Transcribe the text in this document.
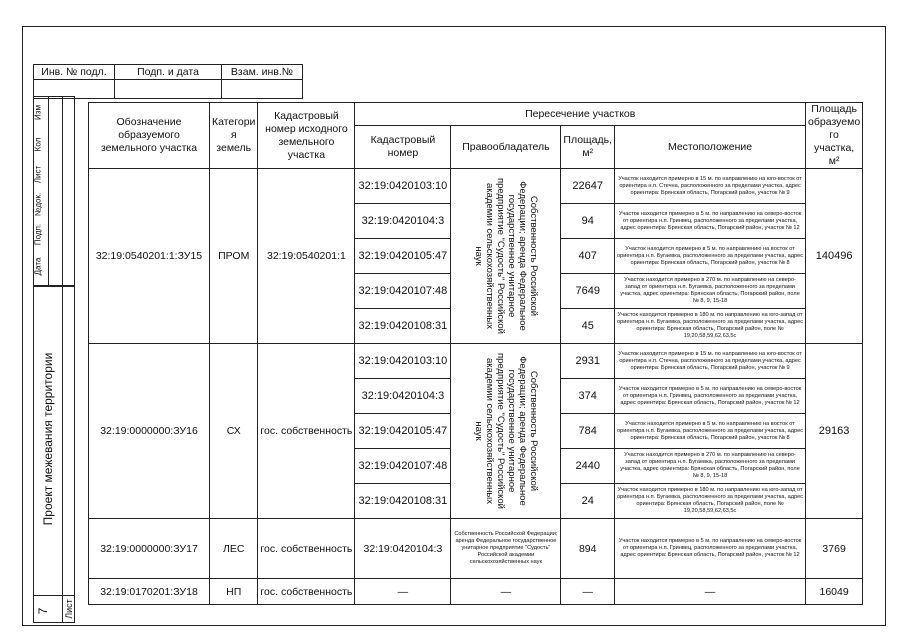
Инв. № подл.	Подп. и дата	Взам. инв.№

Изм
Кол
Лист
№док.
Подп.
Дата
Проект межевания территории
7 Лист
Обозначение образуемого земельного участка	Категори я земель	Кадастровый номер исходного земельного участка	Пересечение участков				Площадь образуемо го участка, м²
			Кадастровый номер	Правообладатель	Площадь, м²	Местоположение	
32:19:0540201:1:ЗУ15	ПРОМ	32:19:0540201:1	32:19:0420103:10	Собственность Российской Федерации; аренда Федеральное государственное унитарное предприятие "Судость" Российской академии сельскохозяйственных наук	22647	Участок находится примерно в 15 м. по направлению на юго-восток от ориентира н.п. Стечна, расположенного за пределами участка, адрес ориентира: Брянская область, Погарский район, участок № 9	140496
			32:19:0420104:3		94	Участок находится примерно в 5 м. по направлению на северо-восток от ориентира н.п. Гринвец, расположенного за пределами участка, адрес ориентира: Брянская область, Погарский район, участок № 12	
			32:19:0420105:47		407	Участок находится примерно в 5 м. по направлению на восток от ориентира н.п. Бугаевка, расположенного за пределами участка, адрес ориентира: Брянская область, Погарский район, участок № 8	
			32:19:0420107:48		7649	Участок находится примерно в 270 м. по направлению на северо-запад от ориентира н.п. Бугаевка, расположенного за пределами участка, адрес ориентира: Брянская область, Погарский район, поле № 8, 9, 15-18	
			32:19:0420108:31		45	Участок находится примерно в 180 м. по направлению на юго-запад от ориентира н.п. Бугаевка, расположенного за пределами участка, адрес ориентира: Брянская область, Погарский район, поле № 19,20,58,59,62,63,5с	
32:19:0000000:ЗУ16	СХ	гос. собственность	32:19:0420103:10	Собственность Российской Федерации; аренда Федеральное государственное унитарное предприятие "Судость" Российской академии сельскохозяйственных наук	2931	Участок находится примерно в 15 м. по направлению на юго-восток от ориентира н.п. Стечна, расположенного за пределами участка, адрес ориентира: Брянская область, Погарский район, участок № 9	29163
			32:19:0420104:3		374	Участок находится примерно в 5 м. по направлению на северо-восток от ориентира н.п. Гринвец, расположенного за пределами участка, адрес ориентира: Брянская область, Погарский район, участок № 12	
			32:19:0420105:47		784	Участок находится примерно в 5 м. по направлению на восток от ориентира н.п. Бугаевка, расположенного за пределами участка, адрес ориентира: Брянская область, Погарский район, участок № 8	
			32:19:0420107:48		2440	Участок находится примерно в 270 м. по направлению на северо-запад от ориентира н.п. Бугаевка, расположенного за пределами участка, адрес ориентира: Брянская область, Погарский район, поле № 8, 9, 15-18	
			32:19:0420108:31		24	Участок находится примерно в 180 м. по направлению на юго-запад от ориентира н.п. Бугаевка, расположенного за пределами участка, адрес ориентира: Брянская область, Погарский район, поле № 19,20,58,59,62,63,5с	
32:19:0000000:ЗУ17	ЛЕС	гос. собственность	32:19:0420104:3	Собственность Российской Федерации; аренда Федеральное государственное унитарное предприятие "Судость" Российской академии сельскохозяйственных наук	894	Участок находится примерно в 5 м. по направлению на северо-восток от ориентира н.п. Гринвец, расположенного за пределами участка, адрес ориентира: Брянская область, Погарский район, участок № 12	3769
32:19:0170201:ЗУ18	НП	гос. собственность	—	—	—	—	16049
